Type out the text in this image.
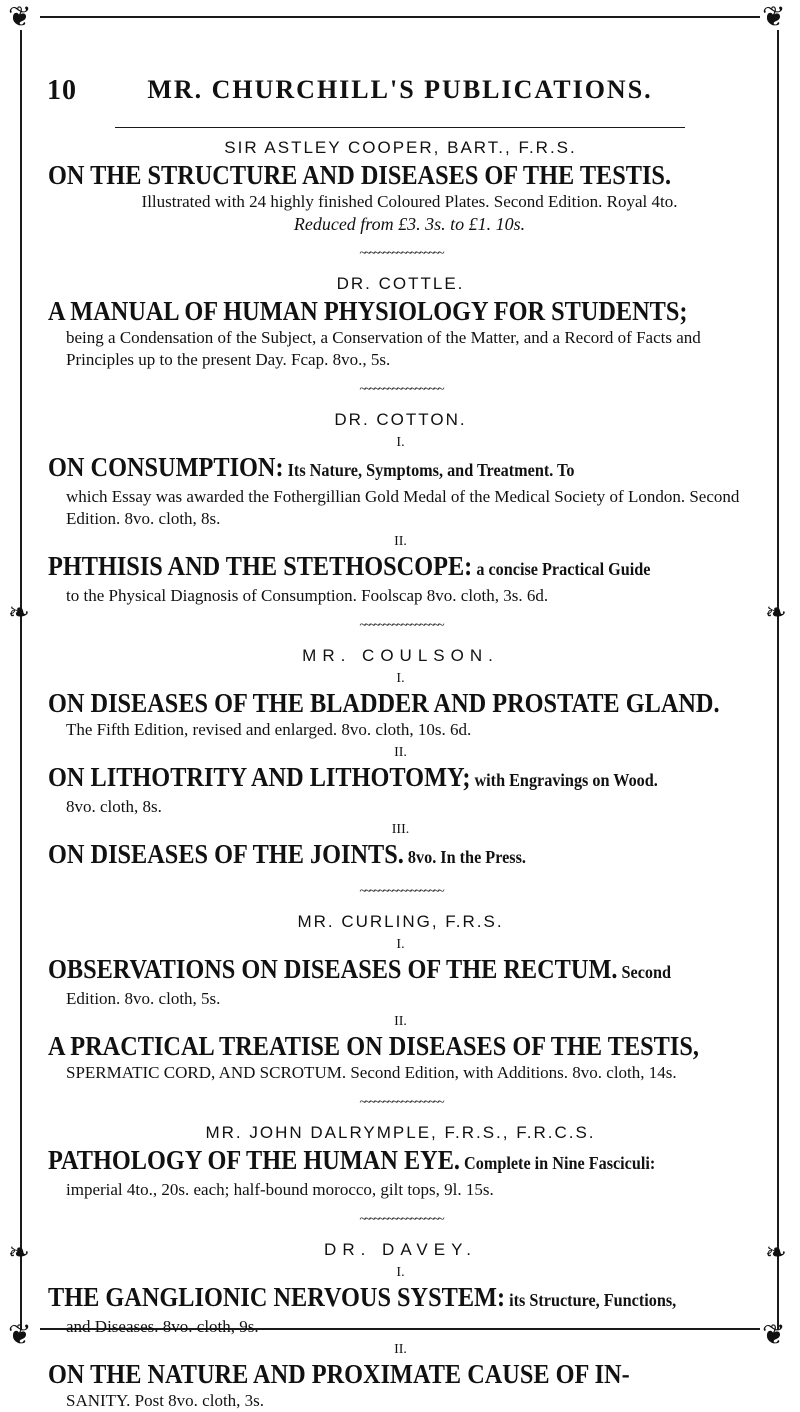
❦	❦
❦	❦
❧	❧
❧	❧
MR. CHURCHILL'S PUBLICATIONS.
10

SIR ASTLEY COOPER, BART., F.R.S.

ON THE STRUCTURE AND DISEASES OF THE TESTIS.
Illustrated with 24 highly finished Coloured Plates. Second Edition. Royal 4to.
Reduced from £3. 3s. to £1. 10s.
~~~~~~~~~~~~~~~~~~

DR. COTTLE.

A MANUAL OF HUMAN PHYSIOLOGY FOR STUDENTS;
being a Condensation of the Subject, a Conservation of the Matter, and a Record of Facts and Principles up to the present Day. Fcap. 8vo., 5s.
~~~~~~~~~~~~~~~~~~

DR. COTTON.

I.
ON CONSUMPTION: Its Nature, Symptoms, and Treatment. To
which Essay was awarded the Fothergillian Gold Medal of the Medical Society of London. Second Edition. 8vo. cloth, 8s.
II.
PHTHISIS AND THE STETHOSCOPE: a concise Practical Guide
to the Physical Diagnosis of Consumption. Foolscap 8vo. cloth, 3s. 6d.
~~~~~~~~~~~~~~~~~~

MR. COULSON.

I.
ON DISEASES OF THE BLADDER AND PROSTATE GLAND.
The Fifth Edition, revised and enlarged. 8vo. cloth, 10s. 6d.
II.
ON LITHOTRITY AND LITHOTOMY; with Engravings on Wood.
8vo. cloth, 8s.
III.
ON DISEASES OF THE JOINTS. 8vo. In the Press.
~~~~~~~~~~~~~~~~~~

MR. CURLING, F.R.S.

I.
OBSERVATIONS ON DISEASES OF THE RECTUM. Second
Edition. 8vo. cloth, 5s.
II.
A PRACTICAL TREATISE ON DISEASES OF THE TESTIS,
SPERMATIC CORD, AND SCROTUM. Second Edition, with Additions. 8vo. cloth, 14s.
~~~~~~~~~~~~~~~~~~

MR. JOHN DALRYMPLE, F.R.S., F.R.C.S.

PATHOLOGY OF THE HUMAN EYE. Complete in Nine Fasciculi:
imperial 4to., 20s. each; half-bound morocco, gilt tops, 9l. 15s.
~~~~~~~~~~~~~~~~~~

DR. DAVEY.

I.
THE GANGLIONIC NERVOUS SYSTEM: its Structure, Functions,
and Diseases. 8vo. cloth, 9s.
II.
ON THE NATURE AND PROXIMATE CAUSE OF IN-
SANITY. Post 8vo. cloth, 3s.
